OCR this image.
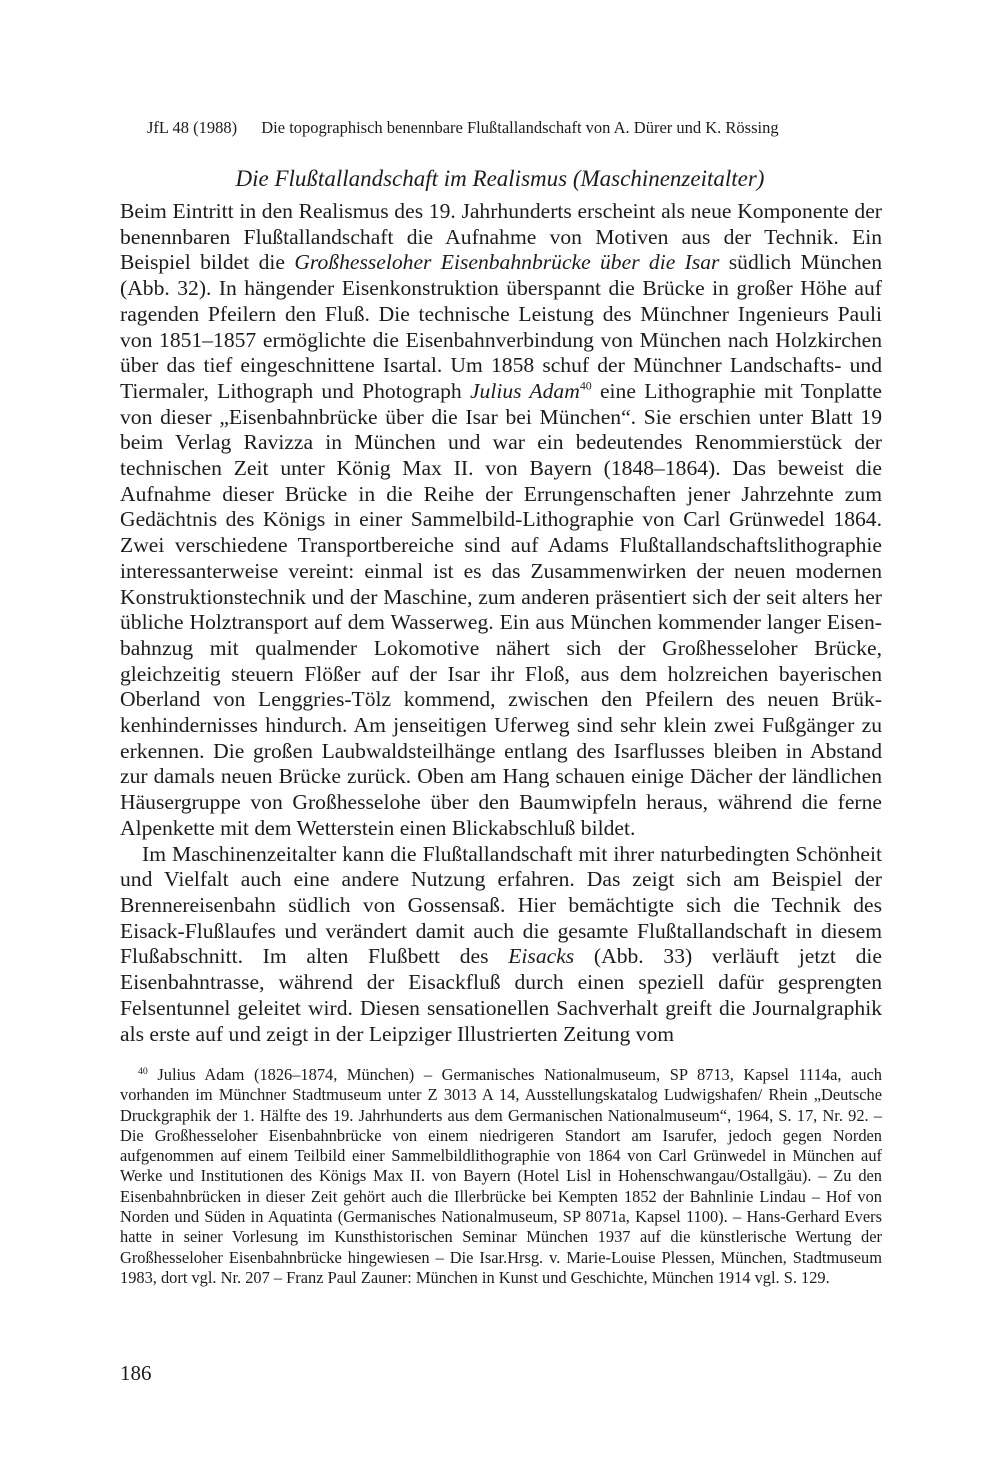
JfL 48 (1988) Die topographisch benennbare Flußtallandschaft von A. Dürer und K. Rössing
Die Flußtallandschaft im Realismus (Maschinenzeitalter)

Beim Eintritt in den Realismus des 19. Jahrhunderts erscheint als neue Komponente der benennbaren Flußtallandschaft die Aufnahme von Motiven aus der Technik. Ein Beispiel bildet die Großhesseloher Eisenbahnbrücke über die Isar südlich München (Abb. 32). In hängender Eisenkonstruktion überspannt die Brücke in großer Höhe auf ragenden Pfeilern den Fluß. Die technische Leistung des Münchner Ingenieurs Pauli von 1851–1857 ermöglichte die Eisenbahnverbindung von München nach Holzkirchen über das tief eingeschnittene Isartal. Um 1858 schuf der Münchner Landschafts- und Tiermaler, Lithograph und Photograph Julius Adam$^{40}$ eine Lithographie mit Tonplatte von dieser „Eisenbahnbrücke über die Isar bei München“. Sie erschien unter Blatt 19 beim Verlag Ravizza in München und war ein bedeutendes Renommierstück der technischen Zeit unter König Max II. von Bayern (1848–1864). Das beweist die Aufnahme dieser Brücke in die Reihe der Errungenschaften jener Jahrzehnte zum Gedächtnis des Königs in einer Sammelbild-Lithographie von Carl Grünwedel 1864. Zwei verschiedene Transportbereiche sind auf Adams Flußtallandschaftslithographie interessanterweise vereint: einmal ist es das Zusammenwirken der neuen modernen Konstruktionstechnik und der Maschine, zum anderen präsentiert sich der seit alters her übliche Holztransport auf dem Wasserweg. Ein aus München kommender langer Eisenbahnzug mit qualmender Lokomotive nähert sich der Großhesseloher Brücke, gleichzeitig steuern Flößer auf der Isar ihr Floß, aus dem holzreichen bayerischen Oberland von Lenggries-Tölz kommend, zwischen den Pfeilern des neuen Brükkenhindernisses hindurch. Am jenseitigen Uferweg sind sehr klein zwei Fußgänger zu erkennen. Die großen Laubwaldsteilhänge entlang des Isarflusses bleiben in Abstand zur damals neuen Brücke zurück. Oben am Hang schauen einige Dächer der ländlichen Häusergruppe von Großhesselohe über den Baumwipfeln heraus, während die ferne Alpenkette mit dem Wetterstein einen Blickabschluß bildet.

Im Maschinenzeitalter kann die Flußtallandschaft mit ihrer naturbedingten Schönheit und Vielfalt auch eine andere Nutzung erfahren. Das zeigt sich am Beispiel der Brennereisenbahn südlich von Gossensaß. Hier bemächtigte sich die Technik des Eisack-Flußlaufes und verändert damit auch die gesamte Flußtallandschaft in diesem Flußabschnitt. Im alten Flußbett des Eisacks (Abb. 33) verläuft jetzt die Eisenbahntrasse, während der Eisackfluß durch einen speziell dafür gesprengten Felsentunnel geleitet wird. Diesen sensationellen Sachverhalt greift die Journalgraphik als erste auf und zeigt in der Leipziger Illustrierten Zeitung vom

$^{40}$ Julius Adam (1826–1874, München) – Germanisches Nationalmuseum, SP 8713, Kapsel 1114a, auch vorhanden im Münchner Stadtmuseum unter Z 3013 A 14, Ausstellungskatalog Ludwigshafen/ Rhein „Deutsche Druckgraphik der 1. Hälfte des 19. Jahrhunderts aus dem Germanischen Nationalmuseum“, 1964, S. 17, Nr. 92. – Die Großhesseloher Eisenbahnbrücke von einem niedrigeren Standort am Isarufer, jedoch gegen Norden aufgenommen auf einem Teilbild einer Sammelbildlithographie von 1864 von Carl Grünwedel in München auf Werke und Institutionen des Königs Max II. von Bayern (Hotel Lisl in Hohenschwangau/Ostallgäu). – Zu den Eisenbahnbrücken in dieser Zeit gehört auch die Illerbrücke bei Kempten 1852 der Bahnlinie Lindau – Hof von Norden und Süden in Aquatinta (Germanisches Nationalmuseum, SP 8071a, Kapsel 1100). – Hans-Gerhard Evers hatte in seiner Vorlesung im Kunsthistorischen Seminar München 1937 auf die künstlerische Wertung der Großhesseloher Eisenbahnbrücke hingewiesen – Die Isar.Hrsg. v. Marie-Louise Plessen, München, Stadtmuseum 1983, dort vgl. Nr. 207 – Franz Paul Zauner: München in Kunst und Geschichte, München 1914 vgl. S. 129.
186
